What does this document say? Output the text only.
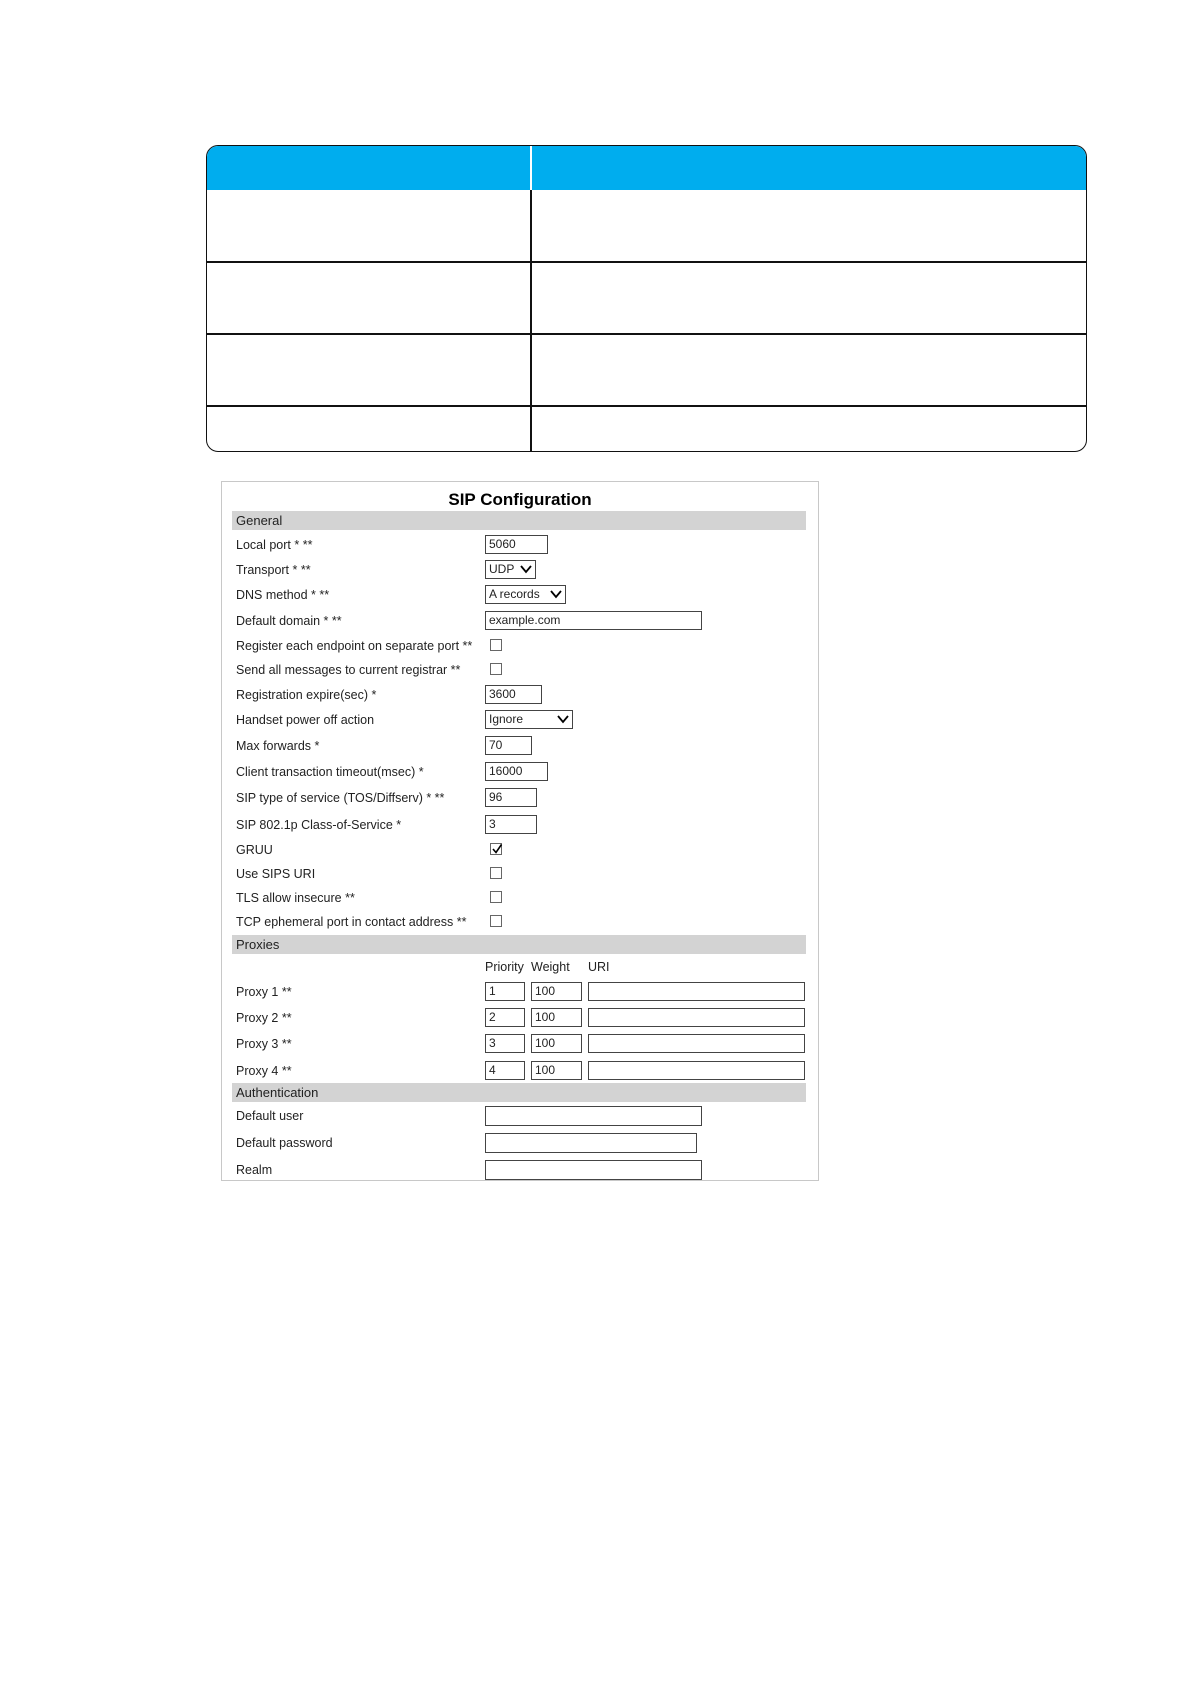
SIP Configuration
General
Local port * **	5060
Transport * **	UDP
DNS method * **	A records
Default domain * **	example.com
Register each endpoint on separate port **
Send all messages to current registrar **
Registration expire(sec) *	3600
Handset power off action	Ignore
Max forwards *	70
Client transaction timeout(msec) *	16000
SIP type of service (TOS/Diffserv) * **	96
SIP 802.1p Class-of-Service *	3
GRUU
Use SIPS URI
TLS allow insecure **
TCP ephemeral port in contact address **
Proxies
Priority Weight URI
Proxy 1 **	1	100
Proxy 2 **	2	100
Proxy 3 **	3	100
Proxy 4 **	4	100
Authentication
Default user
Default password
Realm
